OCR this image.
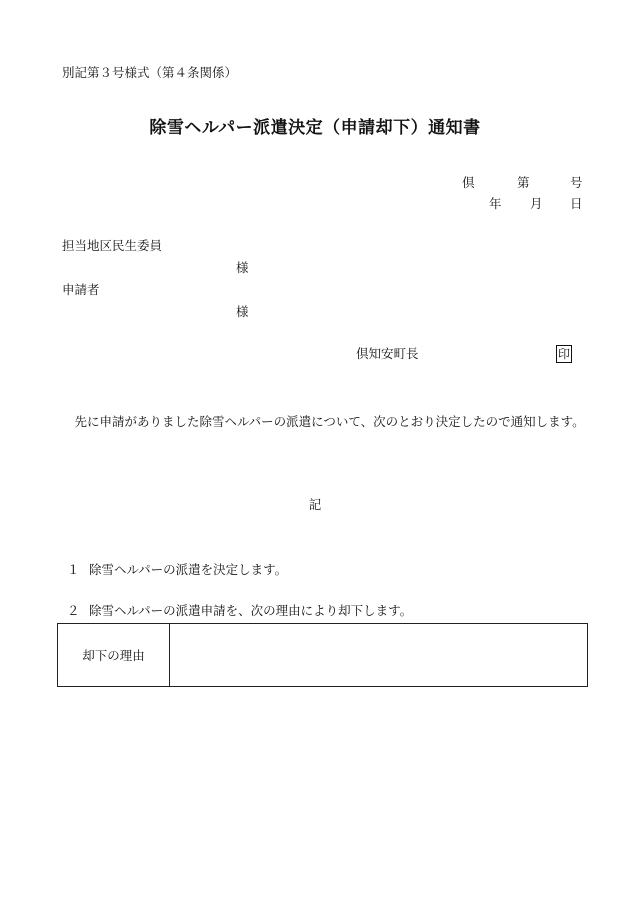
別記第３号様式（第４条関係）
除雪ヘルパー派遣決定（申請却下）通知書
倶	第	号
年 月 日
担当地区民生委員
様
申請者
様
倶知安町長	印
先に申請がありました除雪ヘルパーの派遣について、次のとおり決定したので通知します。
記
１ 除雪ヘルパーの派遣を決定します。
２ 除雪ヘルパーの派遣申請を、次の理由により却下します。
却下の理由
